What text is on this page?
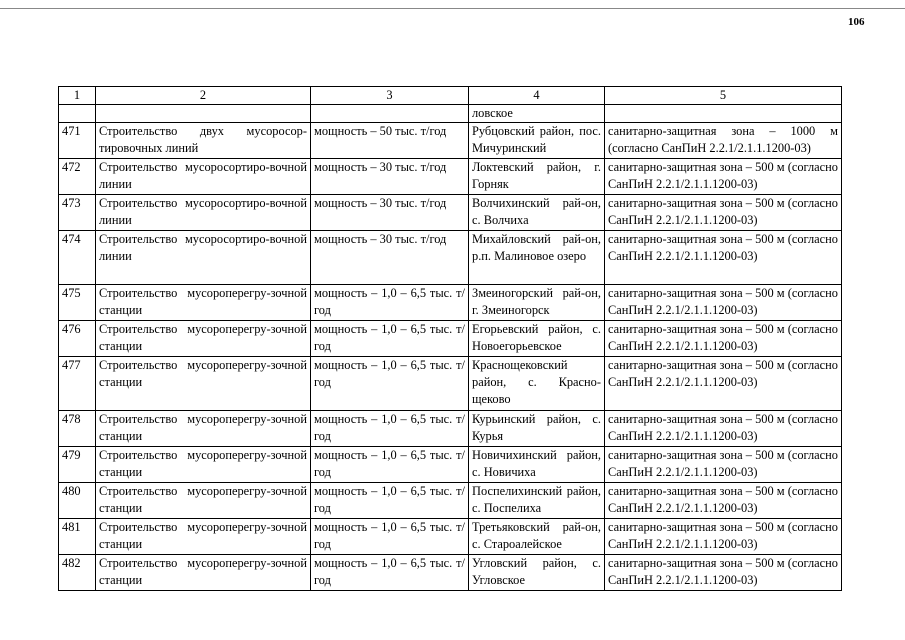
106
1	2	3	4	5
			ловское	
471	Строительство двух мусоросор-тировочных линий	мощность – 50 тыс. т/год	Рубцовский район, пос. Мичуринский	санитарно-защитная зона – 1000 м (согласно СанПиН 2.2.1/2.1.1.1200-03)
472	Строительство мусоросортиро-вочной линии	мощность – 30 тыс. т/год	Локтевский район, г. Горняк	санитарно-защитная зона – 500 м (согласно СанПиН 2.2.1/2.1.1.1200-03)
473	Строительство мусоросортиро-вочной линии	мощность – 30 тыс. т/год	Волчихинский рай-он, с. Волчиха	санитарно-защитная зона – 500 м (согласно СанПиН 2.2.1/2.1.1.1200-03)
474	Строительство мусоросортиро-вочной линии	мощность – 30 тыс. т/год	Михайловский рай-он, р.п. Малиновое озеро	санитарно-защитная зона – 500 м (согласно СанПиН 2.2.1/2.1.1.1200-03)
475	Строительство мусороперегру-зочной станции	мощность – 1,0 – 6,5 тыс. т/год	Змеиногорский рай-он, г. Змеиногорск	санитарно-защитная зона – 500 м (согласно СанПиН 2.2.1/2.1.1.1200-03)
476	Строительство мусороперегру-зочной станции	мощность – 1,0 – 6,5 тыс. т/год	Егорьевский район, с. Новоегорьевское	санитарно-защитная зона – 500 м (согласно СанПиН 2.2.1/2.1.1.1200-03)
477	Строительство мусороперегру-зочной станции	мощность – 1,0 – 6,5 тыс. т/год	Краснощековский район, с. Красно-щеково	санитарно-защитная зона – 500 м (согласно СанПиН 2.2.1/2.1.1.1200-03)
478	Строительство мусороперегру-зочной станции	мощность – 1,0 – 6,5 тыс. т/год	Курьинский район, с. Курья	санитарно-защитная зона – 500 м (согласно СанПиН 2.2.1/2.1.1.1200-03)
479	Строительство мусороперегру-зочной станции	мощность – 1,0 – 6,5 тыс. т/год	Новичихинский район, с. Новичиха	санитарно-защитная зона – 500 м (согласно СанПиН 2.2.1/2.1.1.1200-03)
480	Строительство мусороперегру-зочной станции	мощность – 1,0 – 6,5 тыс. т/год	Поспелихинский район, с. Поспелиха	санитарно-защитная зона – 500 м (согласно СанПиН 2.2.1/2.1.1.1200-03)
481	Строительство мусороперегру-зочной станции	мощность – 1,0 – 6,5 тыс. т/год	Третьяковский рай-он, с. Староалейское	санитарно-защитная зона – 500 м (согласно СанПиН 2.2.1/2.1.1.1200-03)
482	Строительство мусороперегру-зочной станции	мощность – 1,0 – 6,5 тыс. т/год	Угловский район, с. Угловское	санитарно-защитная зона – 500 м (согласно СанПиН 2.2.1/2.1.1.1200-03)
